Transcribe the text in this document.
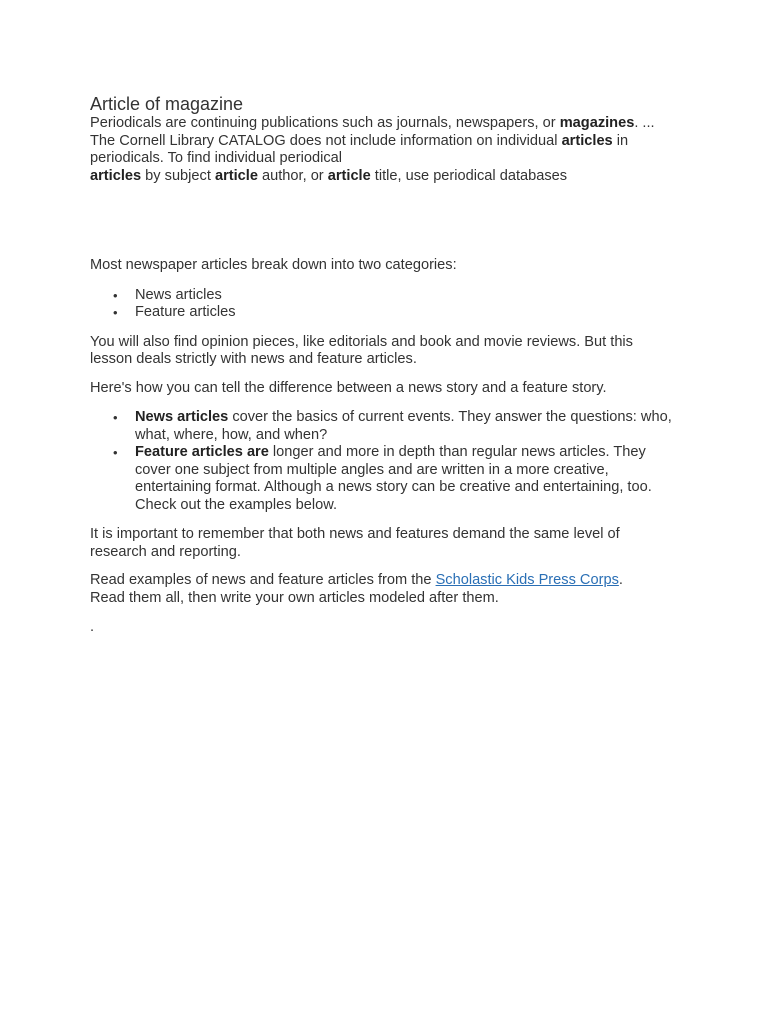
Article of magazine

Periodicals are continuing publications such as journals, newspapers, or magazines. ... The Cornell Library CATALOG does not include information on individual articles in periodicals. To find individual periodical
articles by subject article author, or article title, use periodical databases

Most newspaper articles break down into two categories:

• News articles
• Feature articles

You will also find opinion pieces, like editorials and book and movie reviews. But this lesson deals strictly with news and feature articles.

Here's how you can tell the difference between a news story and a feature story.

• News articles cover the basics of current events. They answer the questions: who, what, where, how, and when?
• Feature articles are longer and more in depth than regular news articles. They cover one subject from multiple angles and are written in a more creative, entertaining format. Although a news story can be creative and entertaining, too. Check out the examples below.

It is important to remember that both news and features demand the same level of research and reporting.

Read examples of news and feature articles from the Scholastic Kids Press Corps. Read them all, then write your own articles modeled after them.

.
